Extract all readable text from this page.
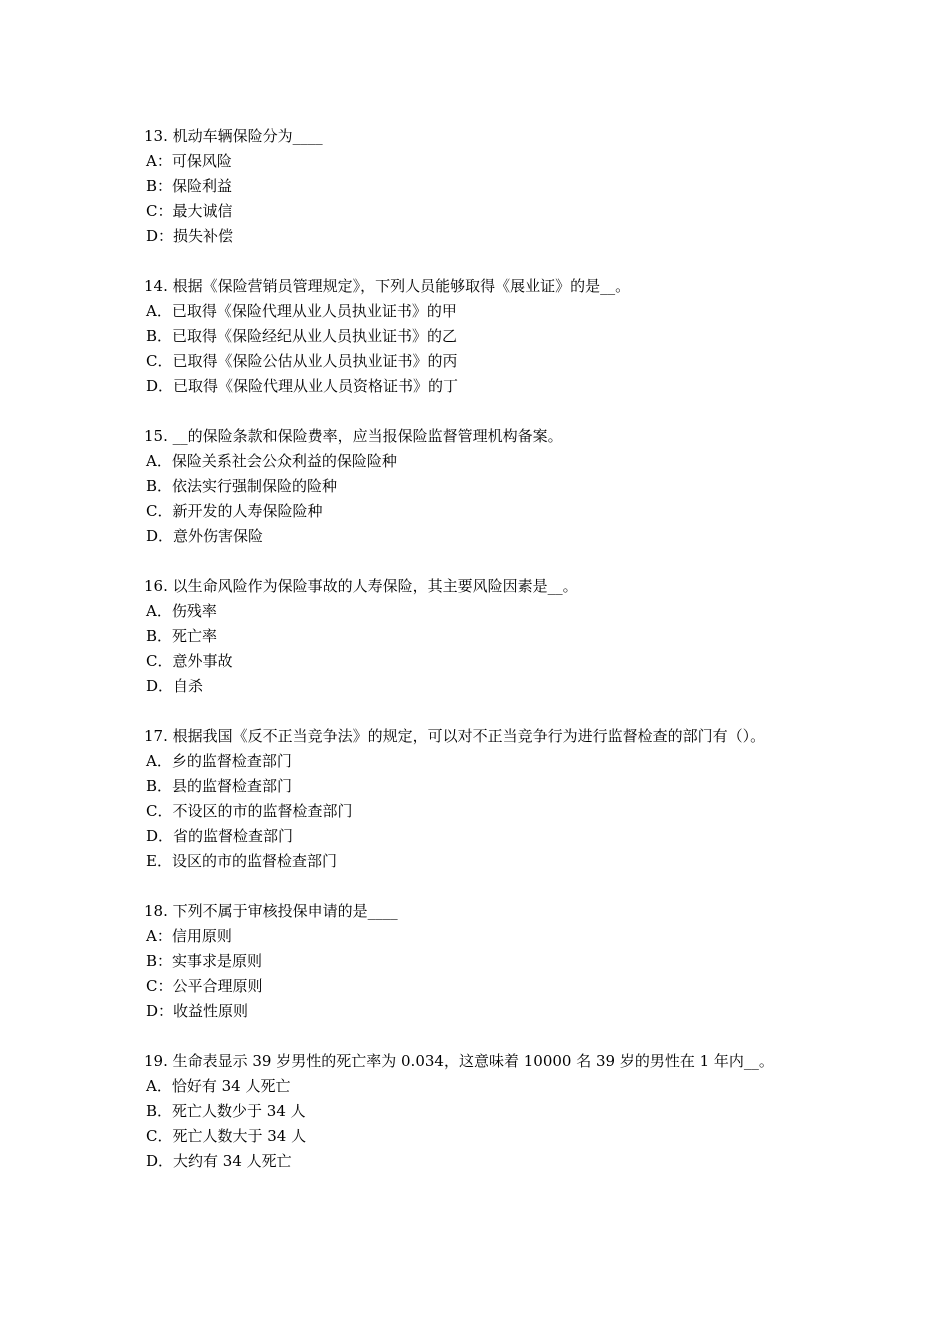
13. 机动车辆保险分为____
A：可保风险
B：保险利益
C：最大诚信
D：损失补偿
14. 根据《保险营销员管理规定》，下列人员能够取得《展业证》的是__。
A．已取得《保险代理从业人员执业证书》的甲
B．已取得《保险经纪从业人员执业证书》的乙
C．已取得《保险公估从业人员执业证书》的丙
D．已取得《保险代理从业人员资格证书》的丁
15. __的保险条款和保险费率，应当报保险监督管理机构备案。
A．保险关系社会公众利益的保险险种
B．依法实行强制保险的险种
C．新开发的人寿保险险种
D．意外伤害保险
16. 以生命风险作为保险事故的人寿保险，其主要风险因素是__。
A．伤残率
B．死亡率
C．意外事故
D．自杀
17. 根据我国《反不正当竞争法》的规定，可以对不正当竞争行为进行监督检查的部门有（）。
A．乡的监督检查部门
B．县的监督检查部门
C．不设区的市的监督检查部门
D．省的监督检查部门
E．设区的市的监督检查部门
18. 下列不属于审核投保申请的是____
A：信用原则
B：实事求是原则
C：公平合理原则
D：收益性原则
19. 生命表显示 39 岁男性的死亡率为 0.034，这意味着 10000 名 39 岁的男性在 1 年内__。
A．恰好有 34 人死亡
B．死亡人数少于 34 人
C．死亡人数大于 34 人
D．大约有 34 人死亡
